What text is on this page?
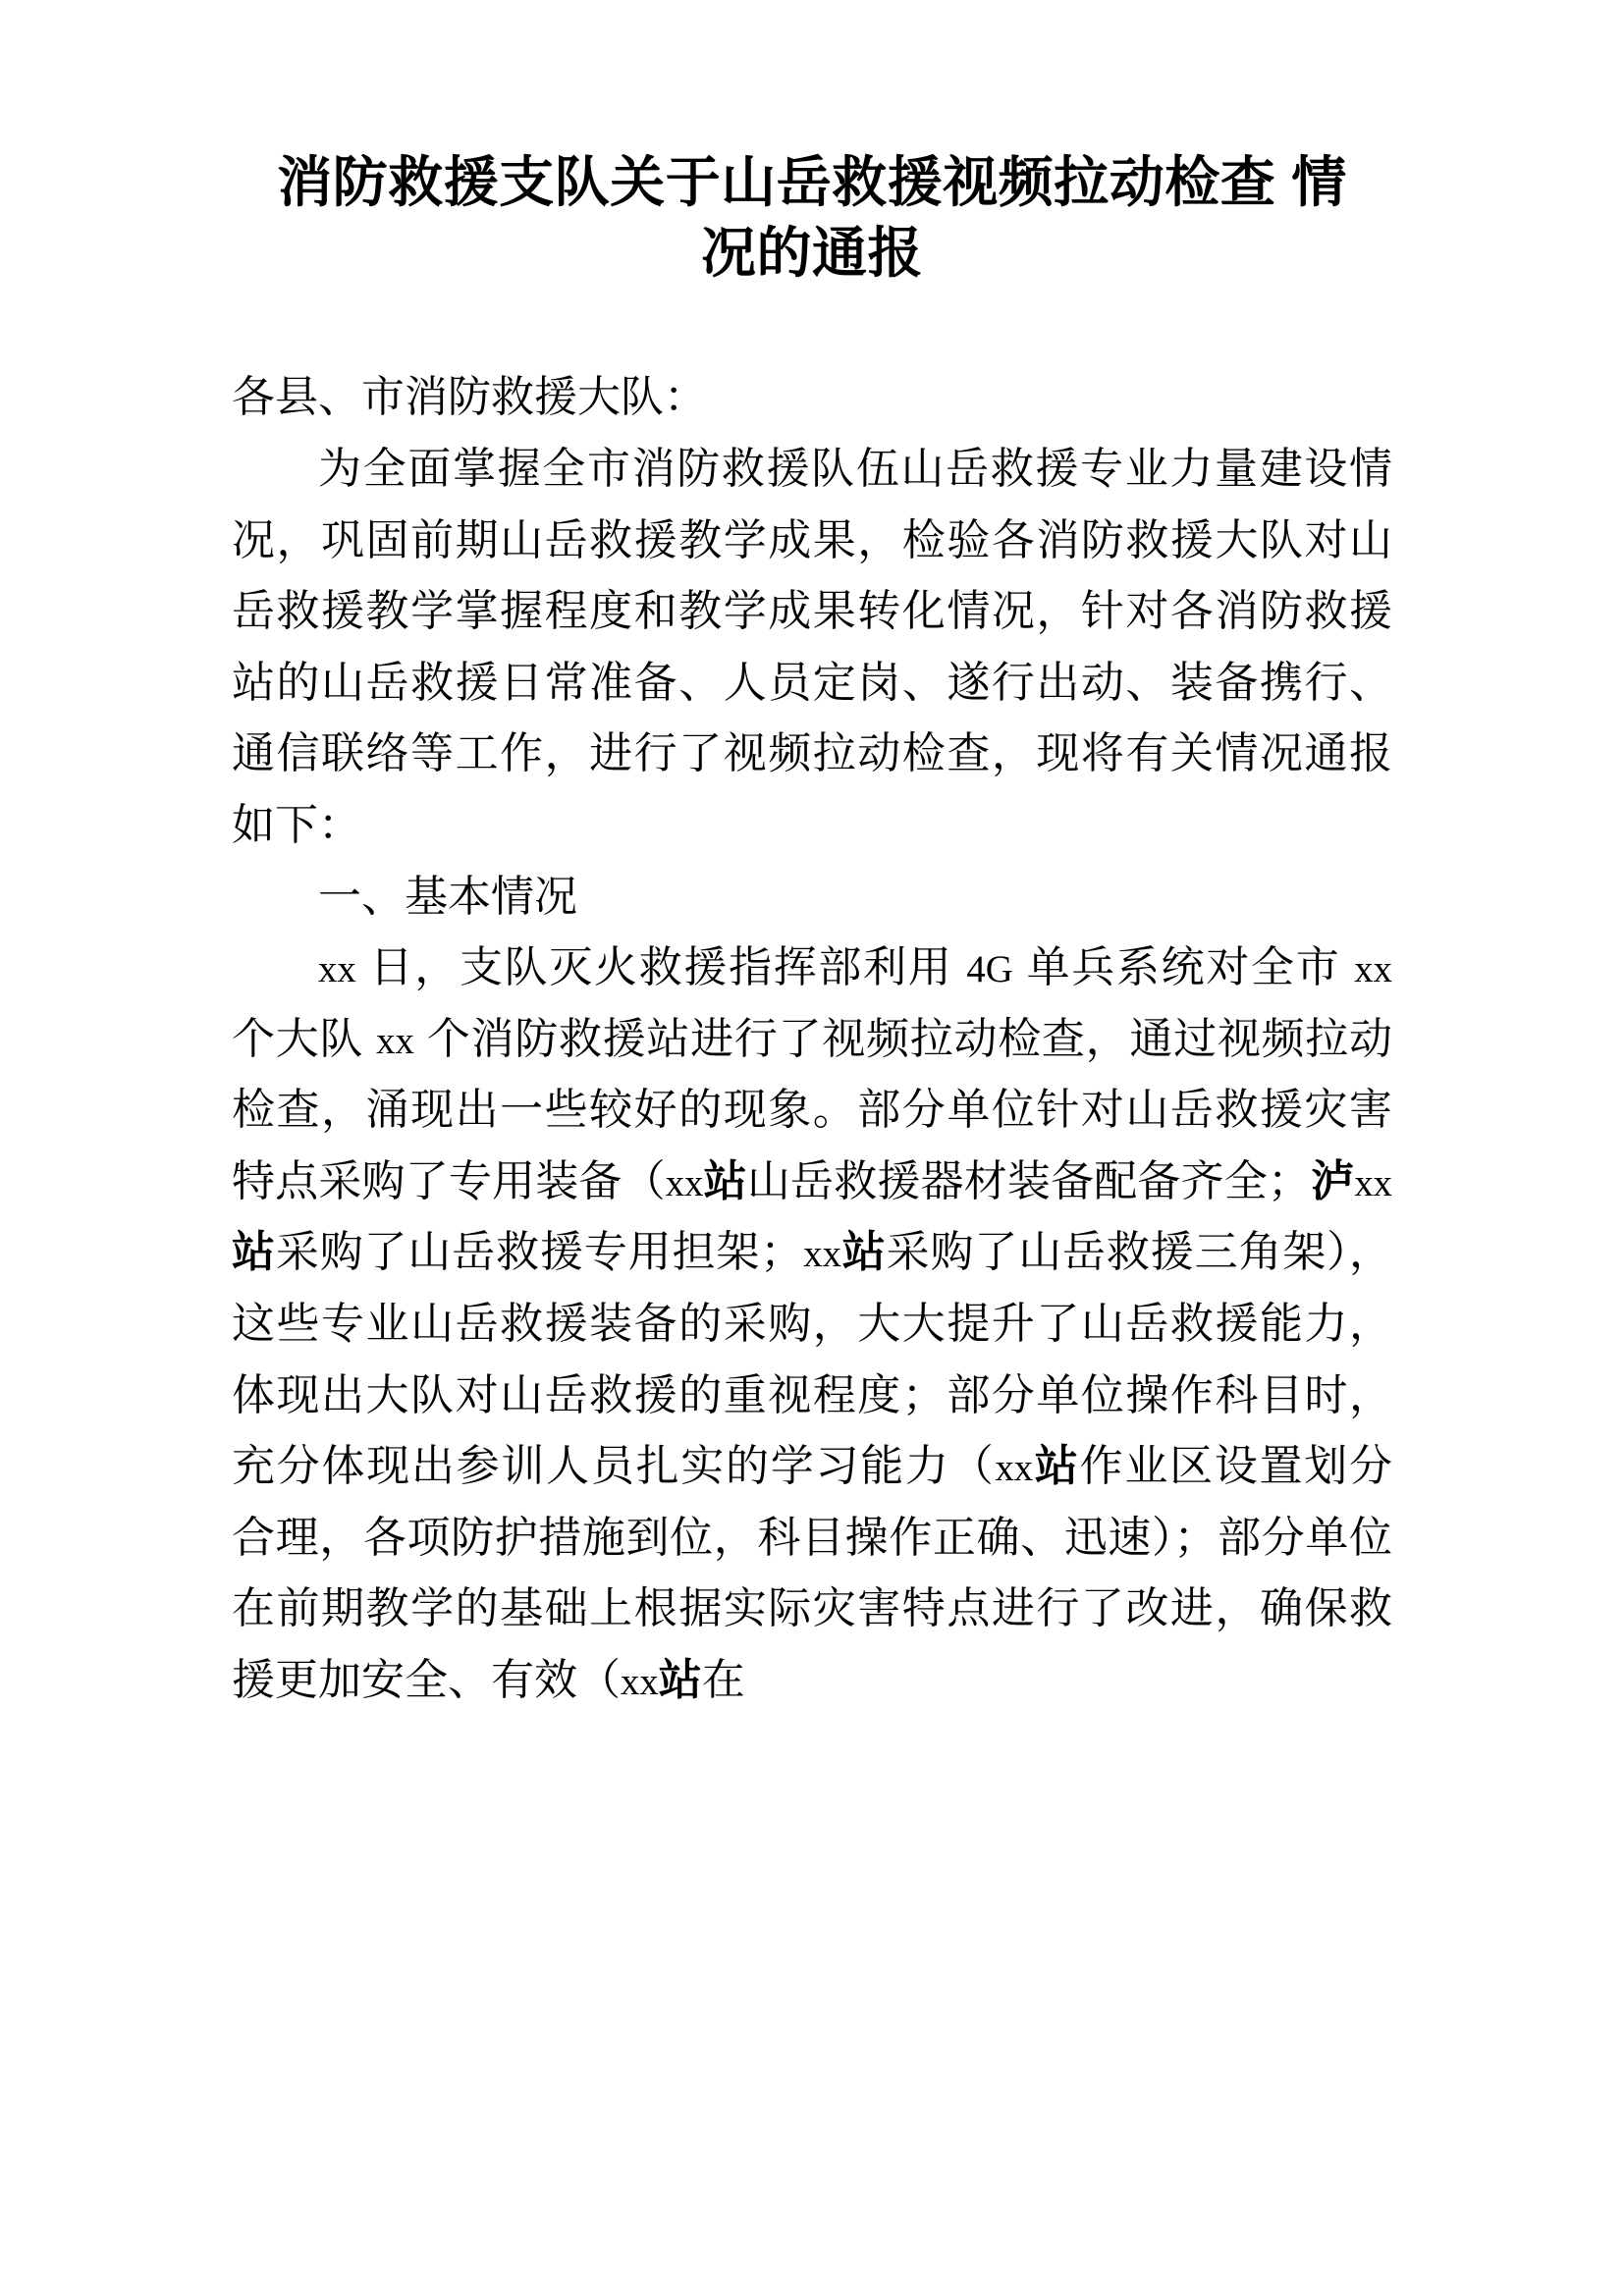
消防救援支队关于山岳救援视频拉动检查 情况的通报

各县、市消防救援大队：

为全面掌握全市消防救援队伍山岳救援专业力量建设情况，巩固前期山岳救援教学成果，检验各消防救援大队对山岳救援教学掌握程度和教学成果转化情况，针对各消防救援站的山岳救援日常准备、人员定岗、遂行出动、装备携行、通信联络等工作，进行了视频拉动检查，现将有关情况通报如下：

一、基本情况

xx 日，支队灭火救援指挥部利用 4G 单兵系统对全市 xx 个大队 xx 个消防救援站进行了视频拉动检查，通过视频拉动检查，涌现出一些较好的现象。部分单位针对山岳救援灾害特点采购了专用装备（xx站山岳救援器材装备配备齐全；泸xx站采购了山岳救援专用担架；xx站采购了山岳救援三角架），这些专业山岳救援装备的采购，大大提升了山岳救援能力，体现出大队对山岳救援的重视程度；部分单位操作科目时，充分体现出参训人员扎实的学习能力（xx站作业区设置划分合理，各项防护措施到位，科目操作正确、迅速）；部分单位在前期教学的基础上根据实际灾害特点进行了改进，确保救援更加安全、有效（xx站在
